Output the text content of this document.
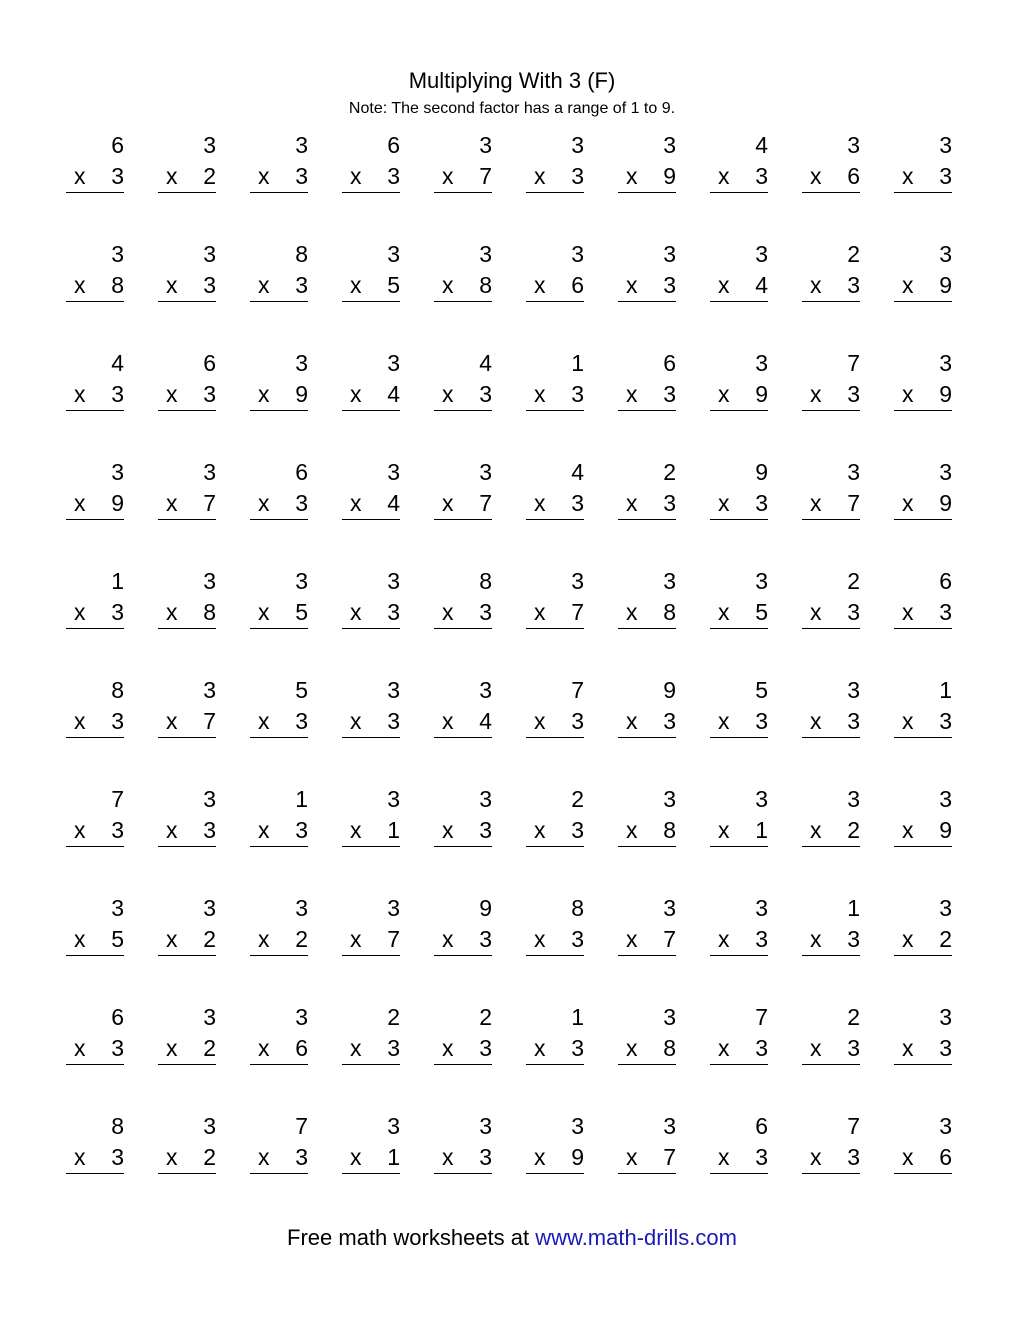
Multiplying With 3 (F)
Note: The second factor has a range of 1 to 9.
6
x 3
3
x 2
3
x 3
6
x 3
3
x 7
3
x 3
3
x 9
4
x 3
3
x 6
3
x 3
3
x 8
3
x 3
8
x 3
3
x 5
3
x 8
3
x 6
3
x 3
3
x 4
2
x 3
3
x 9
4
x 3
6
x 3
3
x 9
3
x 4
4
x 3
1
x 3
6
x 3
3
x 9
7
x 3
3
x 9
3
x 9
3
x 7
6
x 3
3
x 4
3
x 7
4
x 3
2
x 3
9
x 3
3
x 7
3
x 9
1
x 3
3
x 8
3
x 5
3
x 3
8
x 3
3
x 7
3
x 8
3
x 5
2
x 3
6
x 3
8
x 3
3
x 7
5
x 3
3
x 3
3
x 4
7
x 3
9
x 3
5
x 3
3
x 3
1
x 3
7
x 3
3
x 3
1
x 3
3
x 1
3
x 3
2
x 3
3
x 8
3
x 1
3
x 2
3
x 9
3
x 5
3
x 2
3
x 2
3
x 7
9
x 3
8
x 3
3
x 7
3
x 3
1
x 3
3
x 2
6
x 3
3
x 2
3
x 6
2
x 3
2
x 3
1
x 3
3
x 8
7
x 3
2
x 3
3
x 3
8
x 3
3
x 2
7
x 3
3
x 1
3
x 3
3
x 9
3
x 7
6
x 3
7
x 3
3
x 6
Free math worksheets at www.math-drills.com
